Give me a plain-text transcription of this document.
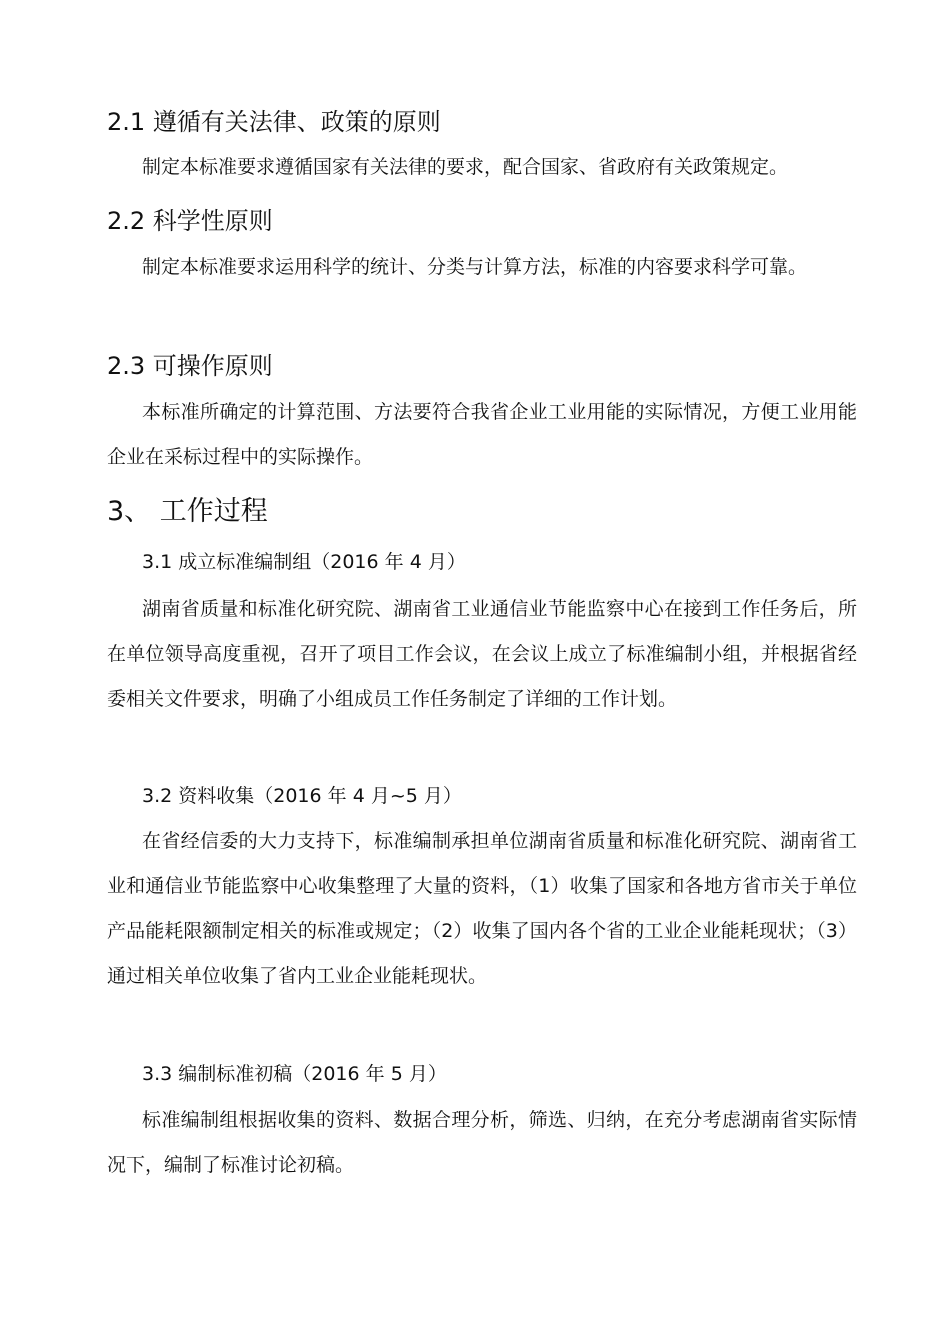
2.1 遵循有关法律、政策的原则

制定本标准要求遵循国家有关法律的要求，配合国家、省政府有关政策规定。

2.2 科学性原则

制定本标准要求运用科学的统计、分类与计算方法，标准的内容要求科学可靠。

2.3 可操作原则

本标准所确定的计算范围、方法要符合我省企业工业用能的实际情况，方便工业用能企业在采标过程中的实际操作。

3、 工作过程
3.1 成立标准编制组（2016 年 4 月）

湖南省质量和标准化研究院、湖南省工业通信业节能监察中心在接到工作任务后，所在单位领导高度重视，召开了项目工作会议，在会议上成立了标准编制小组，并根据省经委相关文件要求，明确了小组成员工作任务制定了详细的工作计划。

3.2 资料收集（2016 年 4 月~5 月）

在省经信委的大力支持下，标准编制承担单位湖南省质量和标准化研究院、湖南省工业和通信业节能监察中心收集整理了大量的资料，（1）收集了国家和各地方省市关于单位产品能耗限额制定相关的标准或规定；（2）收集了国内各个省的工业企业能耗现状；（3）通过相关单位收集了省内工业企业能耗现状。

3.3 编制标准初稿（2016 年 5 月）

标准编制组根据收集的资料、数据合理分析，筛选、归纳，在充分考虑湖南省实际情况下，编制了标准讨论初稿。
